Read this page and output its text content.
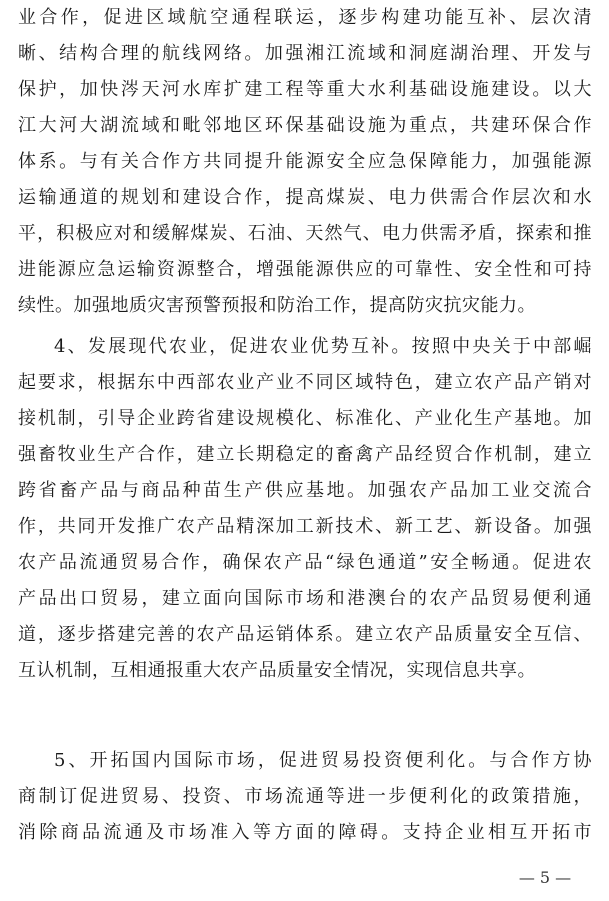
业合作，促进区域航空通程联运，逐步构建功能互补、层次清
晰、结构合理的航线网络。加强湘江流域和洞庭湖治理、开发与
保护，加快涔天河水库扩建工程等重大水利基础设施建设。以大
江大河大湖流域和毗邻地区环保基础设施为重点，共建环保合作
体系。与有关合作方共同提升能源安全应急保障能力，加强能源
运输通道的规划和建设合作，提高煤炭、电力供需合作层次和水
平，积极应对和缓解煤炭、石油、天然气、电力供需矛盾，探索和推
进能源应急运输资源整合，增强能源供应的可靠性、安全性和可持
续性。加强地质灾害预警预报和防治工作，提高防灾抗灾能力。
4、发展现代农业，促进农业优势互补。按照中央关于中部崛
起要求，根据东中西部农业产业不同区域特色，建立农产品产销对
接机制，引导企业跨省建设规模化、标准化、产业化生产基地。加
强畜牧业生产合作，建立长期稳定的畜禽产品经贸合作机制，建立
跨省畜产品与商品种苗生产供应基地。加强农产品加工业交流合
作，共同开发推广农产品精深加工新技术、新工艺、新设备。加强
农产品流通贸易合作，确保农产品“绿色通道”安全畅通。促进农
产品出口贸易，建立面向国际市场和港澳台的农产品贸易便利通
道，逐步搭建完善的农产品运销体系。建立农产品质量安全互信、
互认机制，互相通报重大农产品质量安全情况，实现信息共享。
5、开拓国内国际市场，促进贸易投资便利化。与合作方协
商制订促进贸易、投资、市场流通等进一步便利化的政策措施，
消除商品流通及市场准入等方面的障碍。支持企业相互开拓市
— 5 —
